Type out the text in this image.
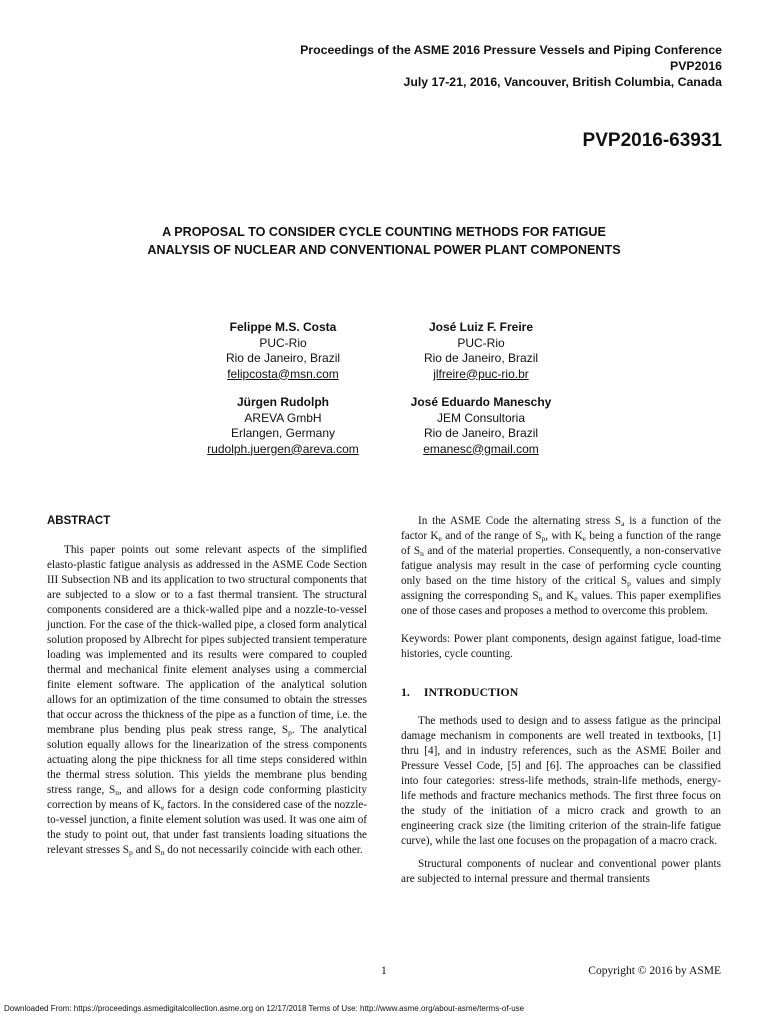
Proceedings of the ASME 2016 Pressure Vessels and Piping Conference
PVP2016
July 17-21, 2016, Vancouver, British Columbia, Canada
PVP2016-63931
A PROPOSAL TO CONSIDER CYCLE COUNTING METHODS FOR FATIGUE
ANALYSIS OF NUCLEAR AND CONVENTIONAL POWER PLANT COMPONENTS
Felippe M.S. Costa
PUC-Rio
Rio de Janeiro, Brazil
felipcosta@msn.com
José Luiz F. Freire
PUC-Rio
Rio de Janeiro, Brazil
jlfreire@puc-rio.br
Jürgen Rudolph
AREVA GmbH
Erlangen, Germany
rudolph.juergen@areva.com
José Eduardo Maneschy
JEM Consultoria
Rio de Janeiro, Brazil
emanesc@gmail.com

ABSTRACT

This paper points out some relevant aspects of the simplified elasto-plastic fatigue analysis as addressed in the ASME Code Section III Subsection NB and its application to two structural components that are subjected to a slow or to a fast thermal transient. The structural components considered are a thick-walled pipe and a nozzle-to-vessel junction. For the case of the thick-walled pipe, a closed form analytical solution proposed by Albrecht for pipes subjected transient temperature loading was implemented and its results were compared to coupled thermal and mechanical finite element analyses using a commercial finite element software. The application of the analytical solution allows for an optimization of the time consumed to obtain the stresses that occur across the thickness of the pipe as a function of time, i.e. the membrane plus bending plus peak stress range, $S_p$. The analytical solution equally allows for the linearization of the stress components actuating along the pipe thickness for all time steps considered within the thermal stress solution. This yields the membrane plus bending stress range, $S_n$, and allows for a design code conforming plasticity correction by means of $K_e$ factors. In the considered case of the nozzle-to-vessel junction, a finite element solution was used. It was one aim of the study to point out, that under fast transients loading situations the relevant stresses $S_p$ and $S_n$ do not necessarily coincide with each other.

In the ASME Code the alternating stress $S_a$ is a function of the factor $K_e$ and of the range of $S_p$, with $K_e$ being a function of the range of $S_n$ and of the material properties. Consequently, a non-conservative fatigue analysis may result in the case of performing cycle counting only based on the time history of the critical $S_p$ values and simply assigning the corresponding $S_n$ and $K_e$ values. This paper exemplifies one of those cases and proposes a method to overcome this problem.

Keywords: Power plant components, design against fatigue, load-time histories, cycle counting.

1. INTRODUCTION

The methods used to design and to assess fatigue as the principal damage mechanism in components are well treated in textbooks, [1] thru [4], and in industry references, such as the ASME Boiler and Pressure Vessel Code, [5] and [6]. The approaches can be classified into four categories: stress-life methods, strain-life methods, energy-life methods and fracture mechanics methods. The first three focus on the study of the initiation of a micro crack and growth to an engineering crack size (the limiting criterion of the strain-life fatigue curve), while the last one focuses on the propagation of a macro crack.

Structural components of nuclear and conventional power plants are subjected to internal pressure and thermal transients

1	Copyright © 2016 by ASME
Downloaded From: https://proceedings.asmedigitalcollection.asme.org on 12/17/2018 Terms of Use: http://www.asme.org/about-asme/terms-of-use
